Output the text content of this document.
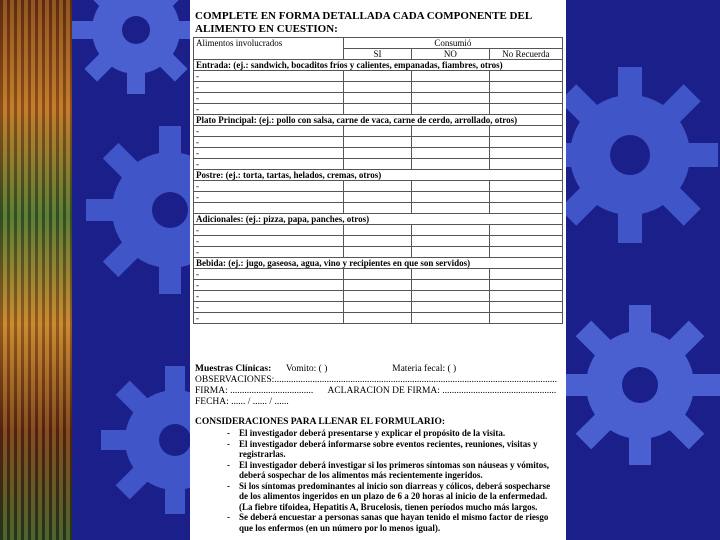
COMPLETE EN FORMA DETALLADA CADA COMPONENTE DEL
ALIMENTO EN CUESTION:
Alimentos involucrados	Consumió		
	SI	NO	No Recuerda
Entrada: (ej.: sandwich, bocaditos fríos y calientes, empanadas, fiambres, otros)			
-			
-			
-			
-			
Plato Principal: (ej.: pollo con salsa, carne de vaca, carne de cerdo, arrollado, otros)			
-			
-			
-			
-			
Postre: (ej.: torta, tartas, helados, cremas, otros)			
-			
-			

Adicionales: (ej.: pizza, papa, panches, otros)			
-			
-			
-			
Bebida: (ej.: jugo, gaseosa, agua, vino y recipientes en que son servidos)			
-			
-			
-			
-			
-			
Muestras Clínicas: Vomito: ( )	Materia fecal: ( )
OBSERVACIONES:.......................................................................................................................
FIRMA: ................................... ACLARACIÓN DE FIRMA: ................................................
FECHA: ...... / ...... / ......
CONSIDERACIONES PARA LLENAR EL FORMULARIO:
- El investigador deberá presentarse y explicar el propósito de la visita.
- El investigador deberá informarse sobre eventos recientes, reuniones, visitas y registrarlas.
- El investigador deberá investigar si los primeros síntomas son náuseas y vómitos, deberá sospechar de los alimentos más recientemente ingeridos.
- Si los síntomas predominantes al inicio son diarreas y cólicos, deberá sospecharse de los alimentos ingeridos en un plazo de 6 a 20 horas al inicio de la enfermedad. (La fiebre tifoidea, Hepatitis A, Brucelosis, tienen períodos mucho más largos.
- Se deberá encuestar a personas sanas que hayan tenido el mismo factor de riesgo que los enfermos (en un número por lo menos igual).
